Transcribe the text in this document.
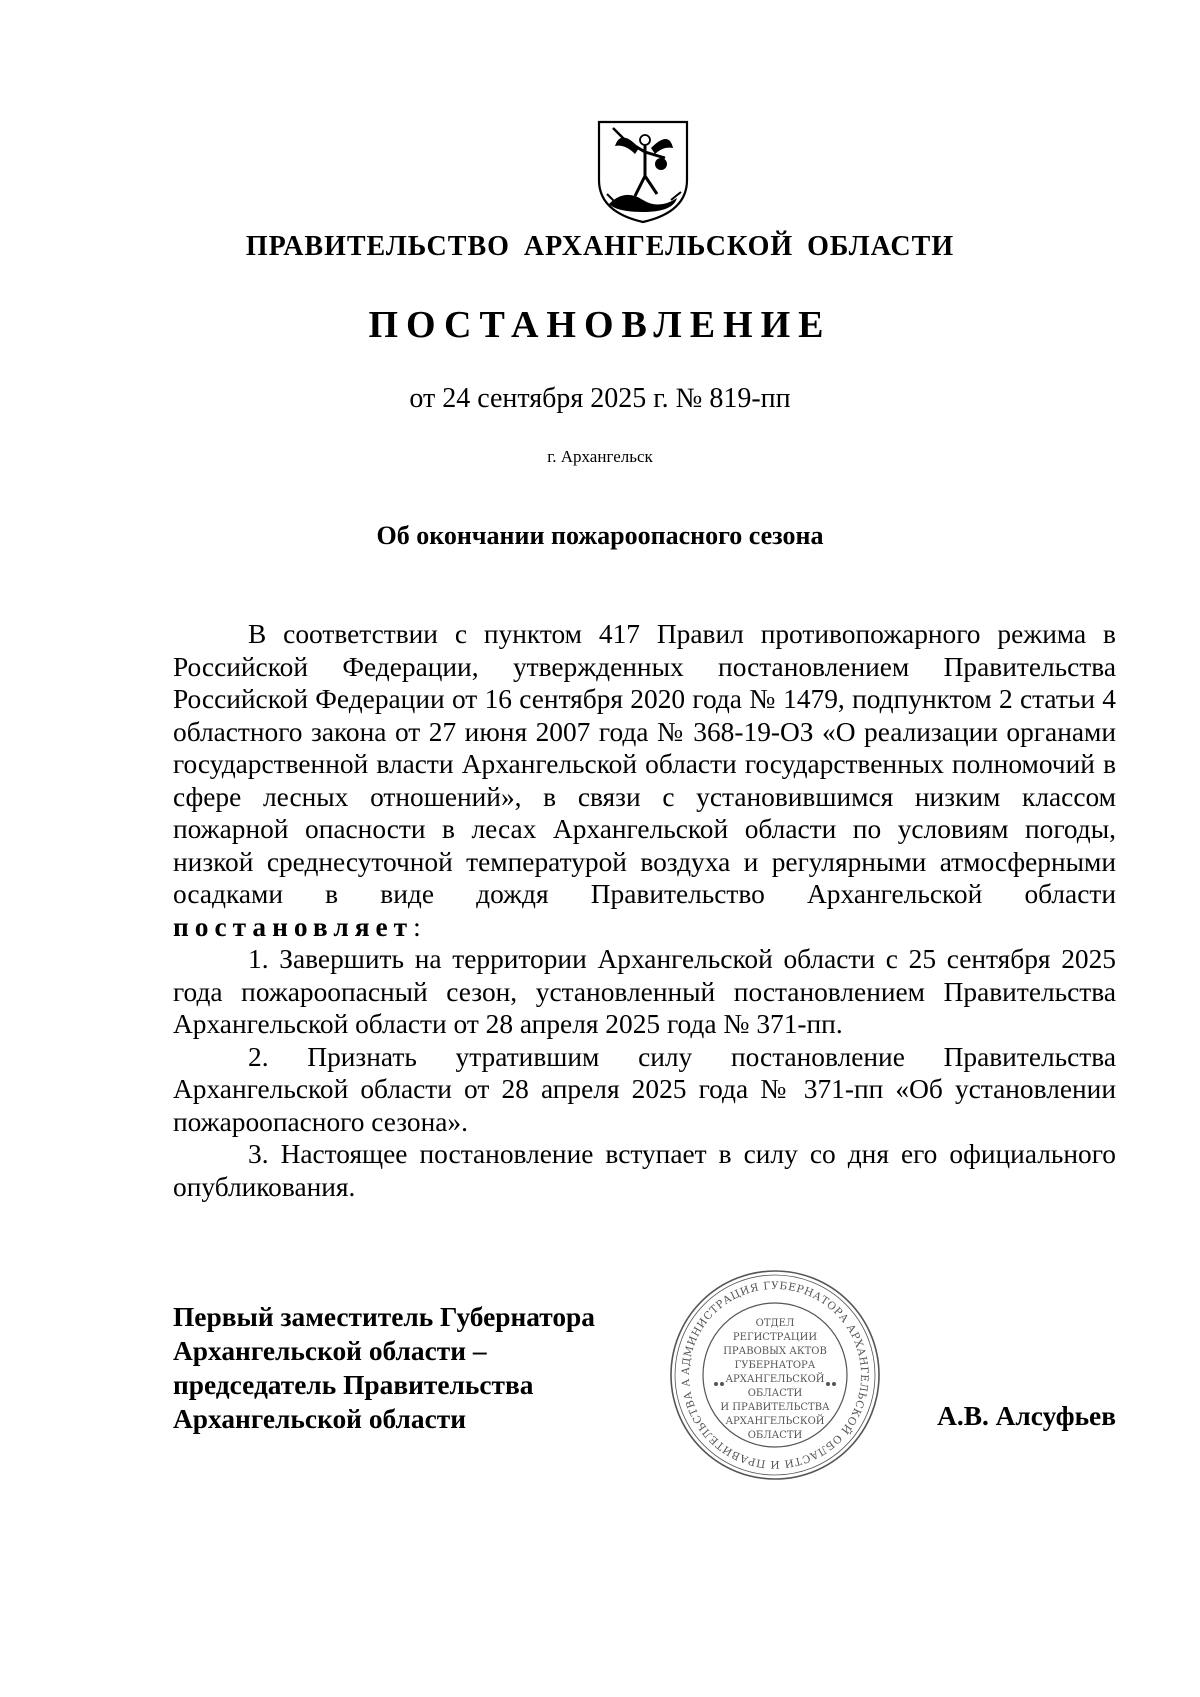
ПРАВИТЕЛЬСТВО АРХАНГЕЛЬСКОЙ ОБЛАСТИ
ПОСТАНОВЛЕНИЕ
от 24 сентября 2025 г. № 819-пп
г. Архангельск
Об окончании пожароопасного сезона

В соответствии с пунктом 417 Правил противопожарного режима в Российской Федерации, утвержденных постановлением Правительства Российской Федерации от 16 сентября 2020 года № 1479, подпунктом 2 статьи 4 областного закона от 27 июня 2007 года № 368-19-ОЗ «О реализации органами государственной власти Архангельской области государственных полномочий в сфере лесных отношений», в связи с установившимся низким классом пожарной опасности в лесах Архангельской области по условиям погоды, низкой среднесуточной температурой воздуха и регулярными атмосферными осадками в виде дождя Правительство Архангельской области постановляет:

1. Завершить на территории Архангельской области с 25 сентября 2025 года пожароопасный сезон, установленный постановлением Правительства Архангельской области от 28 апреля 2025 года № 371-пп.

2. Признать утратившим силу постановление Правительства Архангельской области от 28 апреля 2025 года № 371-пп «Об установлении пожароопасного сезона».

3. Настоящее постановление вступает в силу со дня его официального опубликования.

Первый заместитель Губернатора
Архангельской области –
председатель Правительства
Архангельской области
АДМИНИСТРАЦИЯ ГУБЕРНАТОРА АРХАНГЕЛЬСКОЙ ОБЛАСТИ И ПРАВИТЕЛЬСТВА А
ОТДЕЛ
РЕГИСТРАЦИИ
ПРАВОВЫХ АКТОВ
ГУБЕРНАТОРА
АРХАНГЕЛЬСКОЙ
ОБЛАСТИ
И ПРАВИТЕЛЬСТВА
АРХАНГЕЛЬСКОЙ
ОБЛАСТИ
А.В. Алсуфьев
